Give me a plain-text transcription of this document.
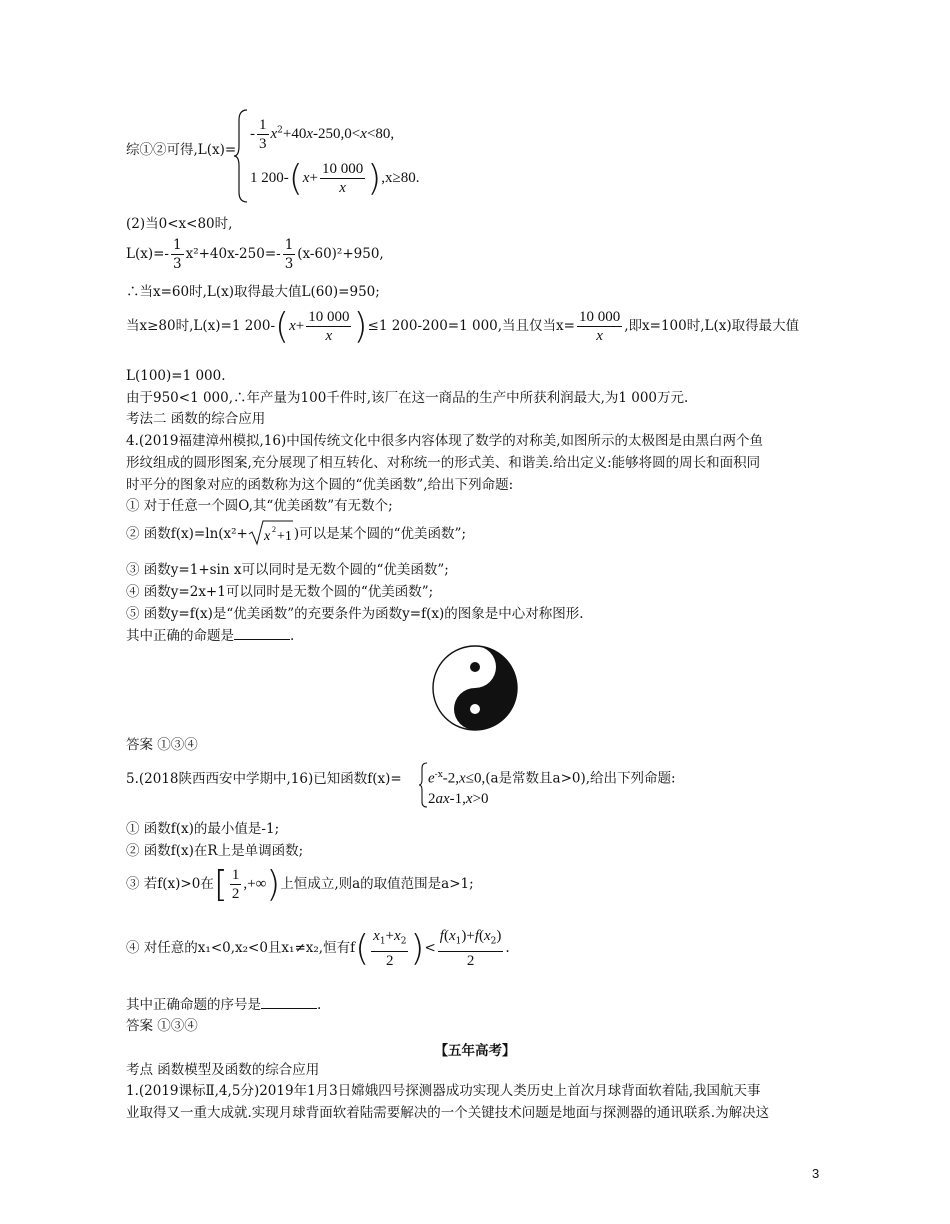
综①②可得,L(x)=
- $\frac{1}{3} x^2+40x-250,0<x<80$,
1 $200-(x+ \frac{10 000}{x} ),x\ge 80$.
(2)当0<x<80时,
$L(x)=- \frac{1}{3} x^2+40x-250=- \frac{1}{3} (x-60)^2+950$,
∴当x=60时,L(x)取得最大值L(60)=950;
当x≥80时,L(x)=1 $200-(x+ \frac{10 000}{x} )\le 1$ 200-200=1 000,当且仅当$x= \frac{10 000}{x}$ ,即x=100时,L(x)取得最大值
L(100)=1 000.
由于950<1 000,∴年产量为100千件时,该厂在这一商品的生产中所获利润最大,为1 000万元.
考法二 函数的综合应用
4.(2019福建漳州模拟,16)中国传统文化中很多内容体现了数学的对称美,如图所示的太极图是由黑白两个鱼
形纹组成的圆形图案,充分展现了相互转化、对称统一的形式美、和谐美.给出定义:能够将圆的周长和面积同
时平分的图象对应的函数称为这个圆的“优美函数”,给出下列命题:
① 对于任意一个圆O,其“优美函数”有无数个;
② 函数f(x)=ln(x²+ x 2 +1 )可以是某个圆的“优美函数”;
③ 函数y=1+sin x可以同时是无数个圆的“优美函数”;
④ 函数y=2x+1可以同时是无数个圆的“优美函数”;
⑤ 函数y=f(x)是“优美函数”的充要条件为函数y=f(x)的图象是中心对称图形.
其中正确的命题是	.
答案 ①③④
5.(2018陕西西安中学期中,16)已知函数$f(x)= e^{-x}-2,x\le 0,(a$是常数且a>0),给出下列命题:
2ax-1,x>0
① 函数f(x)的最小值是-1;
② 函数f(x)在R上是单调函数;
③ 若f(x)>0在[ $\frac{1}{2}$ ,+∞)上恒成立,则a的取值范围是a>1;
④ 对任意的x₁<0,x₂<0且x₁≠x₂,恒有$f( \frac{x_1+x_2}{2}$ )< $\frac{f(x_1)+f(x_2)}{2}$ .
其中正确命题的序号是	.
答案 ①③④
【五年高考】
考点 函数模型及函数的综合应用
1.(2019课标Ⅱ,4,5分)2019年1月3日嫦娥四号探测器成功实现人类历史上首次月球背面软着陆,我国航天事
业取得又一重大成就.实现月球背面软着陆需要解决的一个关键技术问题是地面与探测器的通讯联系.为解决这
3
